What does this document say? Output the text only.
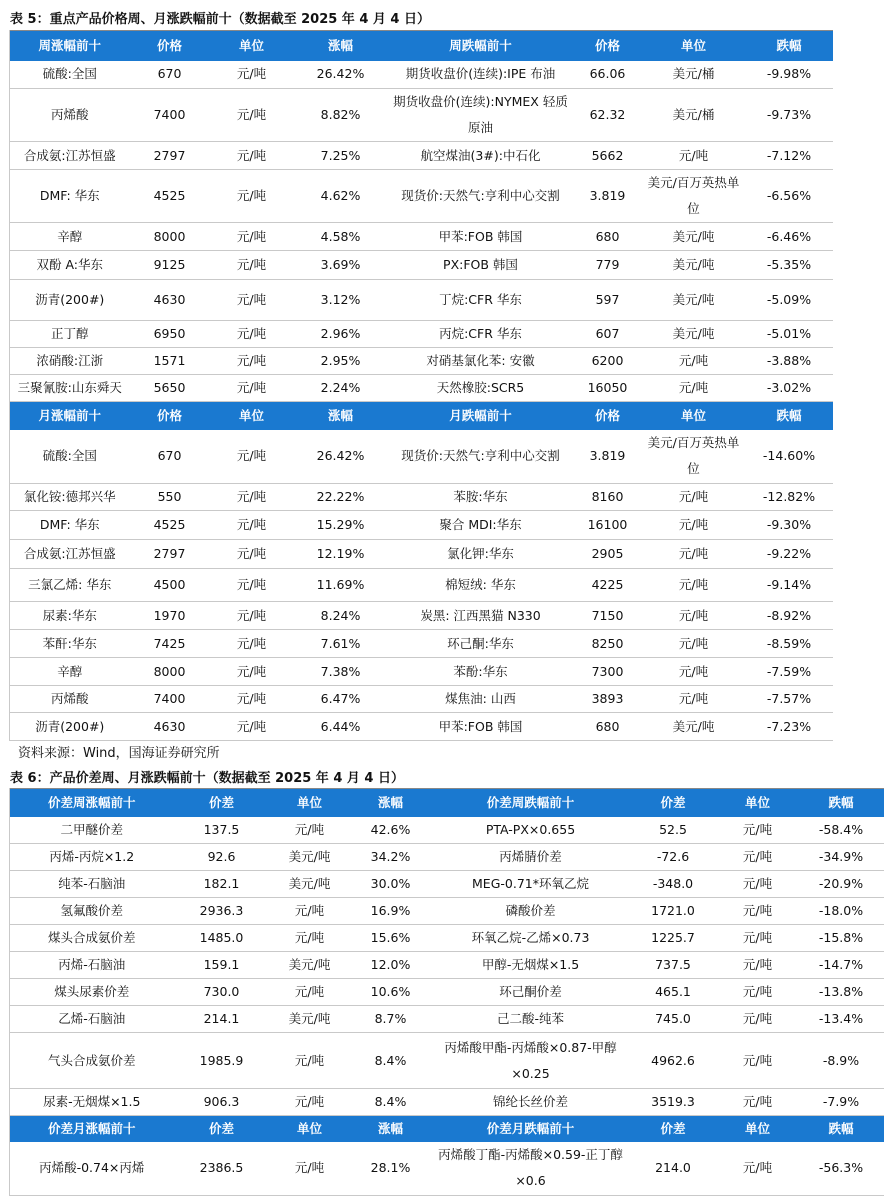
表 5：重点产品价格周、月涨跌幅前十（数据截至 2025 年 4 月 4 日）
周涨幅前十	价格	单位	涨幅	周跌幅前十	价格	单位	跌幅
硫酸:全国	670	元/吨	26.42%	期货收盘价(连续):IPE 布油	66.06	美元/桶	-9.98%
丙烯酸	7400	元/吨	8.82%	期货收盘价(连续):NYMEX 轻质原油	62.32	美元/桶	-9.73%
合成氨:江苏恒盛	2797	元/吨	7.25%	航空煤油(3#):中石化	5662	元/吨	-7.12%
DMF: 华东	4525	元/吨	4.62%	现货价:天然气:亨利中心交割	3.819	美元/百万英热单位	-6.56%
辛醇	8000	元/吨	4.58%	甲苯:FOB 韩国	680	美元/吨	-6.46%
双酚 A:华东	9125	元/吨	3.69%	PX:FOB 韩国	779	美元/吨	-5.35%
沥青(200#)	4630	元/吨	3.12%	丁烷:CFR 华东	597	美元/吨	-5.09%
正丁醇	6950	元/吨	2.96%	丙烷:CFR 华东	607	美元/吨	-5.01%
浓硝酸:江浙	1571	元/吨	2.95%	对硝基氯化苯: 安徽	6200	元/吨	-3.88%
三聚氰胺:山东舜天	5650	元/吨	2.24%	天然橡胶:SCR5	16050	元/吨	-3.02%
月涨幅前十	价格	单位	涨幅	月跌幅前十	价格	单位	跌幅
硫酸:全国	670	元/吨	26.42%	现货价:天然气:亨利中心交割	3.819	美元/百万英热单位	-14.60%
氯化铵:德邦兴华	550	元/吨	22.22%	苯胺:华东	8160	元/吨	-12.82%
DMF: 华东	4525	元/吨	15.29%	聚合 MDI:华东	16100	元/吨	-9.30%
合成氨:江苏恒盛	2797	元/吨	12.19%	氯化钾:华东	2905	元/吨	-9.22%
三氯乙烯: 华东	4500	元/吨	11.69%	棉短绒: 华东	4225	元/吨	-9.14%
尿素:华东	1970	元/吨	8.24%	炭黑: 江西黑猫 N330	7150	元/吨	-8.92%
苯酐:华东	7425	元/吨	7.61%	环己酮:华东	8250	元/吨	-8.59%
辛醇	8000	元/吨	7.38%	苯酚:华东	7300	元/吨	-7.59%
丙烯酸	7400	元/吨	6.47%	煤焦油: 山西	3893	元/吨	-7.57%
沥青(200#)	4630	元/吨	6.44%	甲苯:FOB 韩国	680	美元/吨	-7.23%
资料来源：Wind，国海证券研究所
表 6：产品价差周、月涨跌幅前十（数据截至 2025 年 4 月 4 日）
价差周涨幅前十	价差	单位	涨幅	价差周跌幅前十	价差	单位	跌幅
二甲醚价差	137.5	元/吨	42.6%	PTA-PX×0.655	52.5	元/吨	-58.4%
丙烯-丙烷×1.2	92.6	美元/吨	34.2%	丙烯腈价差	-72.6	元/吨	-34.9%
纯苯-石脑油	182.1	美元/吨	30.0%	MEG-0.71*环氧乙烷	-348.0	元/吨	-20.9%
氢氟酸价差	2936.3	元/吨	16.9%	磷酸价差	1721.0	元/吨	-18.0%
煤头合成氨价差	1485.0	元/吨	15.6%	环氧乙烷-乙烯×0.73	1225.7	元/吨	-15.8%
丙烯-石脑油	159.1	美元/吨	12.0%	甲醇-无烟煤×1.5	737.5	元/吨	-14.7%
煤头尿素价差	730.0	元/吨	10.6%	环己酮价差	465.1	元/吨	-13.8%
乙烯-石脑油	214.1	美元/吨	8.7%	己二酸-纯苯	745.0	元/吨	-13.4%
气头合成氨价差	1985.9	元/吨	8.4%	丙烯酸甲酯-丙烯酸×0.87-甲醇×0.25	4962.6	元/吨	-8.9%
尿素-无烟煤×1.5	906.3	元/吨	8.4%	锦纶长丝价差	3519.3	元/吨	-7.9%
价差月涨幅前十	价差	单位	涨幅	价差月跌幅前十	价差	单位	跌幅
丙烯酸-0.74×丙烯	2386.5	元/吨	28.1%	丙烯酸丁酯-丙烯酸×0.59-正丁醇×0.6	214.0	元/吨	-56.3%
